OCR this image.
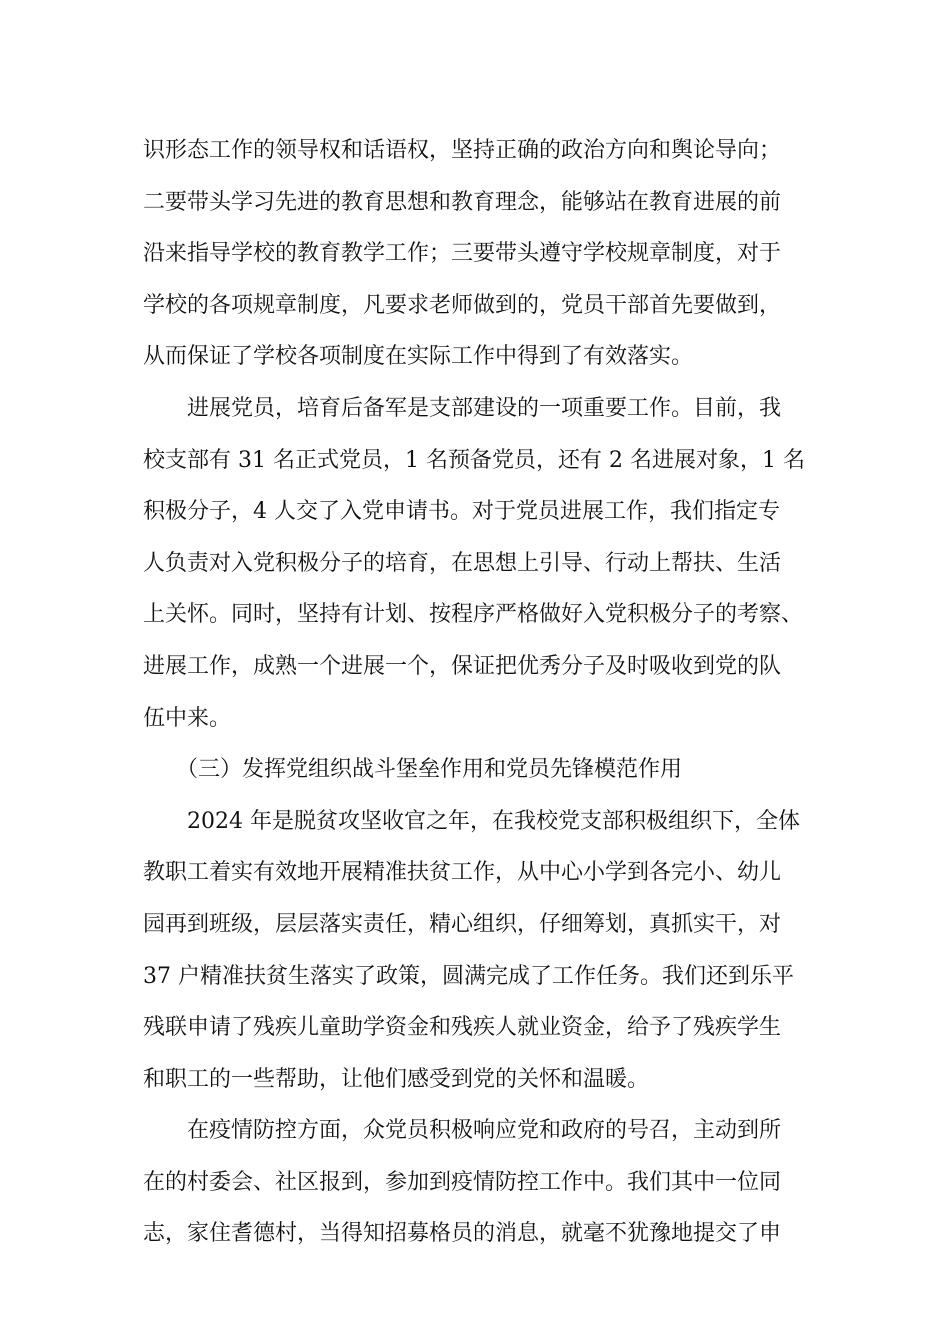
识形态工作的领导权和话语权，坚持正确的政治方向和舆论导向；
二要带头学习先进的教育思想和教育理念，能够站在教育进展的前
沿来指导学校的教育教学工作；三要带头遵守学校规章制度，对于
学校的各项规章制度，凡要求老师做到的，党员干部首先要做到，
从而保证了学校各项制度在实际工作中得到了有效落实。
进展党员，培育后备军是支部建设的一项重要工作。目前，我
校支部有 31 名正式党员，1 名预备党员，还有 2 名进展对象，1 名
积极分子，4 人交了入党申请书。对于党员进展工作，我们指定专
人负责对入党积极分子的培育，在思想上引导、行动上帮扶、生活
上关怀。同时，坚持有计划、按程序严格做好入党积极分子的考察、
进展工作，成熟一个进展一个，保证把优秀分子及时吸收到党的队
伍中来。
（三）发挥党组织战斗堡垒作用和党员先锋模范作用
2024 年是脱贫攻坚收官之年，在我校党支部积极组织下，全体
教职工着实有效地开展精准扶贫工作，从中心小学到各完小、幼儿
园再到班级，层层落实责任，精心组织，仔细筹划，真抓实干，对
37 户精准扶贫生落实了政策，圆满完成了工作任务。我们还到乐平
残联申请了残疾儿童助学资金和残疾人就业资金，给予了残疾学生
和职工的一些帮助，让他们感受到党的关怀和温暖。
在疫情防控方面，众党员积极响应党和政府的号召，主动到所
在的村委会、社区报到，参加到疫情防控工作中。我们其中一位同
志，家住耆德村，当得知招募格员的消息，就毫不犹豫地提交了申
